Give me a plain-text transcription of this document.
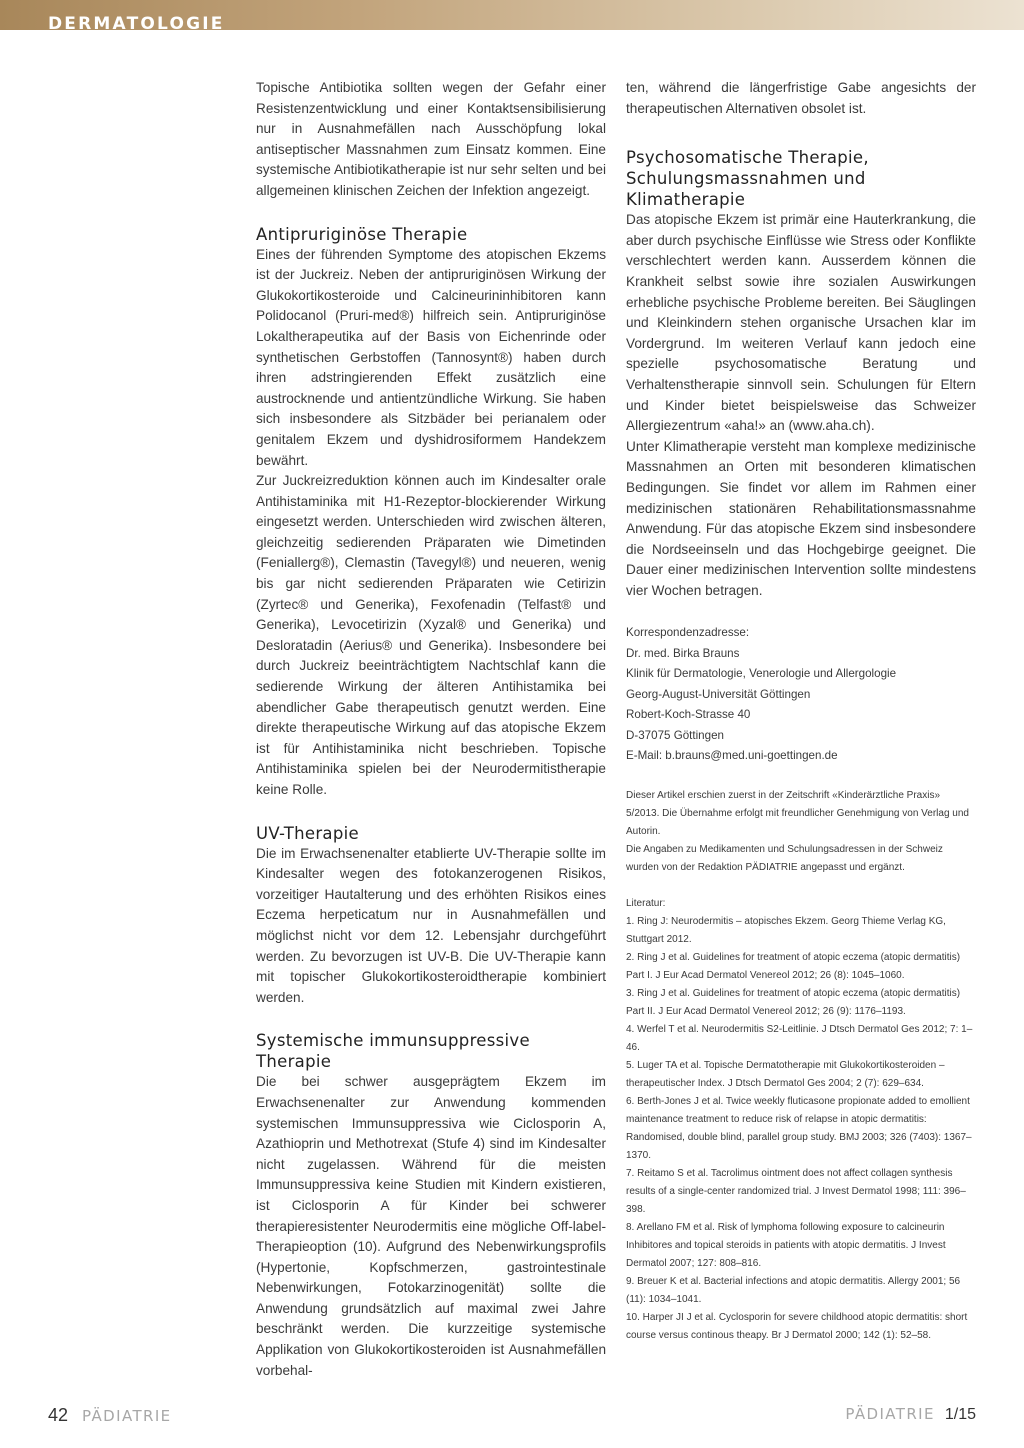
DERMATOLOGIE

Topische Antibiotika sollten wegen der Gefahr einer Resistenzentwicklung und einer Kontaktsensibilisierung nur in Ausnahmefällen nach Ausschöpfung lokal antiseptischer Massnahmen zum Einsatz kommen. Eine systemische Antibiotikatherapie ist nur sehr selten und bei allgemeinen klinischen Zeichen der Infektion angezeigt.

Antipruriginöse Therapie

Eines der führenden Symptome des atopischen Ekzems ist der Juckreiz. Neben der antipruriginösen Wirkung der Glukokortikosteroide und Calcineurininhibitoren kann Polidocanol (Pruri-med®) hilfreich sein. Antipruriginöse Lokaltherapeutika auf der Basis von Eichenrinde oder synthetischen Gerbstoffen (Tannosynt®) haben durch ihren adstringierenden Effekt zusätzlich eine austrocknende und antientzündliche Wirkung. Sie haben sich insbesondere als Sitzbäder bei perianalem oder genitalem Ekzem und dyshidrosiformem Handekzem bewährt.

Zur Juckreizreduktion können auch im Kindesalter orale Antihistaminika mit H1-Rezeptor-blockierender Wirkung eingesetzt werden. Unterschieden wird zwischen älteren, gleichzeitig sedierenden Präparaten wie Dimetinden (Feniallerg®), Clemastin (Tavegyl®) und neueren, wenig bis gar nicht sedierenden Präparaten wie Cetirizin (Zyrtec® und Generika), Fexofenadin (Telfast® und Generika), Levocetirizin (Xyzal® und Generika) und Desloratadin (Aerius® und Generika). Insbesondere bei durch Juckreiz beeinträchtigtem Nachtschlaf kann die sedierende Wirkung der älteren Antihistamika bei abendlicher Gabe therapeutisch genutzt werden. Eine direkte therapeutische Wirkung auf das atopische Ekzem ist für Antihistaminika nicht beschrieben. Topische Antihistaminika spielen bei der Neurodermitistherapie keine Rolle.

UV-Therapie

Die im Erwachsenenalter etablierte UV-Therapie sollte im Kindesalter wegen des fotokanzerogenen Risikos, vorzeitiger Hautalterung und des erhöhten Risikos eines Eczema herpeticatum nur in Ausnahmefällen und möglichst nicht vor dem 12. Lebensjahr durchgeführt werden. Zu bevorzugen ist UV-B. Die UV-Therapie kann mit topischer Glukokortikosteroidtherapie kombiniert werden.

Systemische immunsuppressive Therapie

Die bei schwer ausgeprägtem Ekzem im Erwachsenenalter zur Anwendung kommenden systemischen Immunsuppressiva wie Ciclosporin A, Azathioprin und Methotrexat (Stufe 4) sind im Kindesalter nicht zugelassen. Während für die meisten Immunsuppressiva keine Studien mit Kindern existieren, ist Ciclosporin A für Kinder bei schwerer therapieresistenter Neurodermitis eine mögliche Off-label-Therapieoption (10). Aufgrund des Nebenwirkungsprofils (Hypertonie, Kopfschmerzen, gastrointestinale Nebenwirkungen, Fotokarzinogenität) sollte die Anwendung grundsätzlich auf maximal zwei Jahre beschränkt werden. Die kurzzeitige systemische Applikation von Glukokortikosteroiden ist Ausnahmefällen vorbehal-

ten, während die längerfristige Gabe angesichts der therapeutischen Alternativen obsolet ist.

Psychosomatische Therapie, Schulungsmassnahmen und Klimatherapie

Das atopische Ekzem ist primär eine Hauterkrankung, die aber durch psychische Einflüsse wie Stress oder Konflikte verschlechtert werden kann. Ausserdem können die Krankheit selbst sowie ihre sozialen Auswirkungen erhebliche psychische Probleme bereiten. Bei Säuglingen und Kleinkindern stehen organische Ursachen klar im Vordergrund. Im weiteren Verlauf kann jedoch eine spezielle psychosomatische Beratung und Verhaltenstherapie sinnvoll sein. Schulungen für Eltern und Kinder bietet beispielsweise das Schweizer Allergiezentrum «aha!» an (www.aha.ch).

Unter Klimatherapie versteht man komplexe medizinische Massnahmen an Orten mit besonderen klimatischen Bedingungen. Sie findet vor allem im Rahmen einer medizinischen stationären Rehabilitationsmassnahme Anwendung. Für das atopische Ekzem sind insbesondere die Nordseeinseln und das Hochgebirge geeignet. Die Dauer einer medizinischen Intervention sollte mindestens vier Wochen betragen.

Korrespondenzadresse:
Dr. med. Birka Brauns
Klinik für Dermatologie, Venerologie und Allergologie
Georg-August-Universität Göttingen
Robert-Koch-Strasse 40
D-37075 Göttingen
E-Mail: b.brauns@med.uni-goettingen.de

Dieser Artikel erschien zuerst in der Zeitschrift «Kinderärztliche Praxis» 5/2013. Die Übernahme erfolgt mit freundlicher Genehmigung von Verlag und Autorin.

Die Angaben zu Medikamenten und Schulungsadressen in der Schweiz wurden von der Redaktion PÄDIATRIE angepasst und ergänzt.

Literatur:

1. Ring J: Neurodermitis – atopisches Ekzem. Georg Thieme Verlag KG, Stuttgart 2012.

2. Ring J et al. Guidelines for treatment of atopic eczema (atopic dermatitis) Part I. J Eur Acad Dermatol Venereol 2012; 26 (8): 1045–1060.

3. Ring J et al. Guidelines for treatment of atopic eczema (atopic dermatitis) Part II. J Eur Acad Dermatol Venereol 2012; 26 (9): 1176–1193.

4. Werfel T et al. Neurodermitis S2-Leitlinie. J Dtsch Dermatol Ges 2012; 7: 1–46.

5. Luger TA et al. Topische Dermatotherapie mit Glukokortikosteroiden – therapeutischer Index. J Dtsch Dermatol Ges 2004; 2 (7): 629–634.

6. Berth-Jones J et al. Twice weekly fluticasone propionate added to emollient maintenance treatment to reduce risk of relapse in atopic dermatitis: Randomised, double blind, parallel group study. BMJ 2003; 326 (7403): 1367–1370.

7. Reitamo S et al. Tacrolimus ointment does not affect collagen synthesis results of a single-center randomized trial. J Invest Dermatol 1998; 111: 396–398.

8. Arellano FM et al. Risk of lymphoma following exposure to calcineurin Inhibitores and topical steroids in patients with atopic dermatitis. J Invest Dermatol 2007; 127: 808–816.

9. Breuer K et al. Bacterial infections and atopic dermatitis. Allergy 2001; 56 (11): 1034–1041.

10. Harper JI J et al. Cyclosporin for severe childhood atopic dermatitis: short course versus continous theapy. Br J Dermatol 2000; 142 (1): 52–58.

42 PÄDIATRIE	PÄDIATRIE 1/15
